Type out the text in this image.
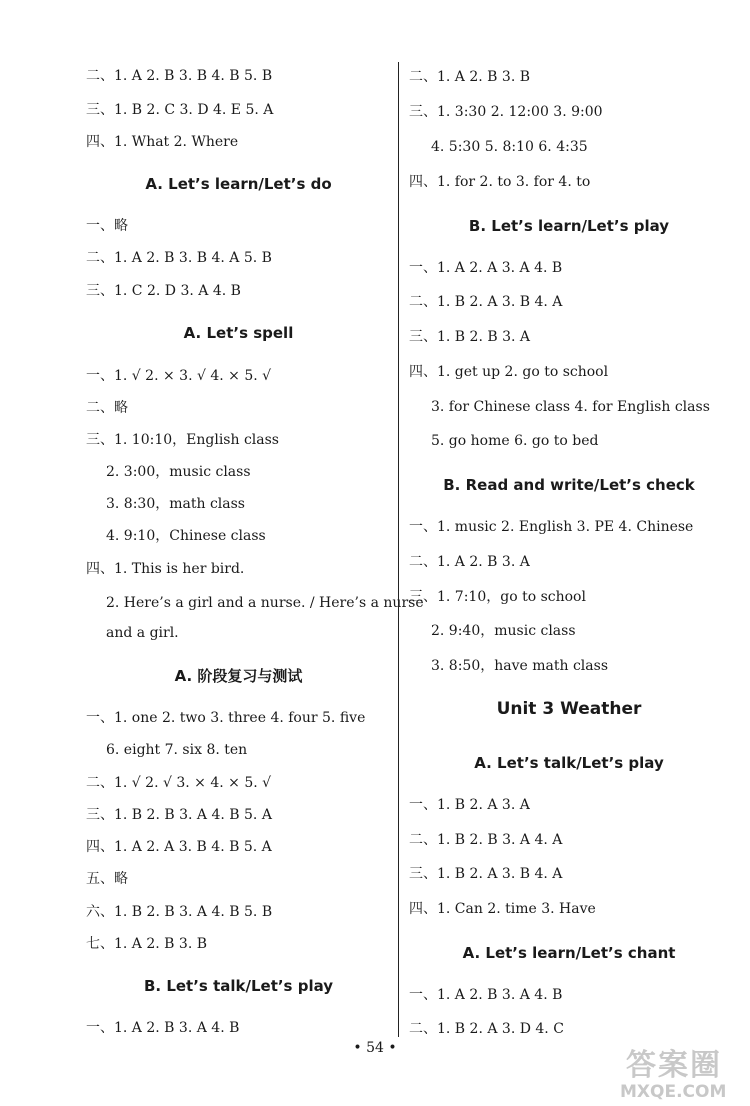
二、1. A 2. B 3. B 4. B 5. B
三、1. B 2. C 3. D 4. E 5. A
四、1. What 2. Where
A. Let’s learn/Let’s do
一、略
二、1. A 2. B 3. B 4. A 5. B
三、1. C 2. D 3. A 4. B
A. Let’s spell
一、1. √ 2. × 3. √ 4. × 5. √
二、略
三、1. 10:10，English class
2. 3:00，music class
3. 8:30，math class
4. 9:10，Chinese class
四、1. This is her bird.
2. Here’s a girl and a nurse. / Here’s a nurse
and a girl.
A. 阶段复习与测试
一、1. one 2. two 3. three 4. four 5. five
6. eight 7. six 8. ten
二、1. √ 2. √ 3. × 4. × 5. √
三、1. B 2. B 3. A 4. B 5. A
四、1. A 2. A 3. B 4. B 5. A
五、略
六、1. B 2. B 3. A 4. B 5. B
七、1. A 2. B 3. B
B. Let’s talk/Let’s play
一、1. A 2. B 3. A 4. B
二、1. A 2. B 3. B
三、1. 3:30 2. 12:00 3. 9:00
4. 5:30 5. 8:10 6. 4:35
四、1. for 2. to 3. for 4. to
B. Let’s learn/Let’s play
一、1. A 2. A 3. A 4. B
二、1. B 2. A 3. B 4. A
三、1. B 2. B 3. A
四、1. get up 2. go to school
3. for Chinese class 4. for English class
5. go home 6. go to bed
B. Read and write/Let’s check
一、1. music 2. English 3. PE 4. Chinese
二、1. A 2. B 3. A
三、1. 7:10，go to school
2. 9:40，music class
3. 8:50，have math class
Unit 3 Weather
A. Let’s talk/Let’s play
一、1. B 2. A 3. A
二、1. B 2. B 3. A 4. A
三、1. B 2. A 3. B 4. A
四、1. Can 2. time 3. Have
A. Let’s learn/Let’s chant
一、1. A 2. B 3. A 4. B
二、1. B 2. A 3. D 4. C
• 54 •	答案圈
MXQE.COM
